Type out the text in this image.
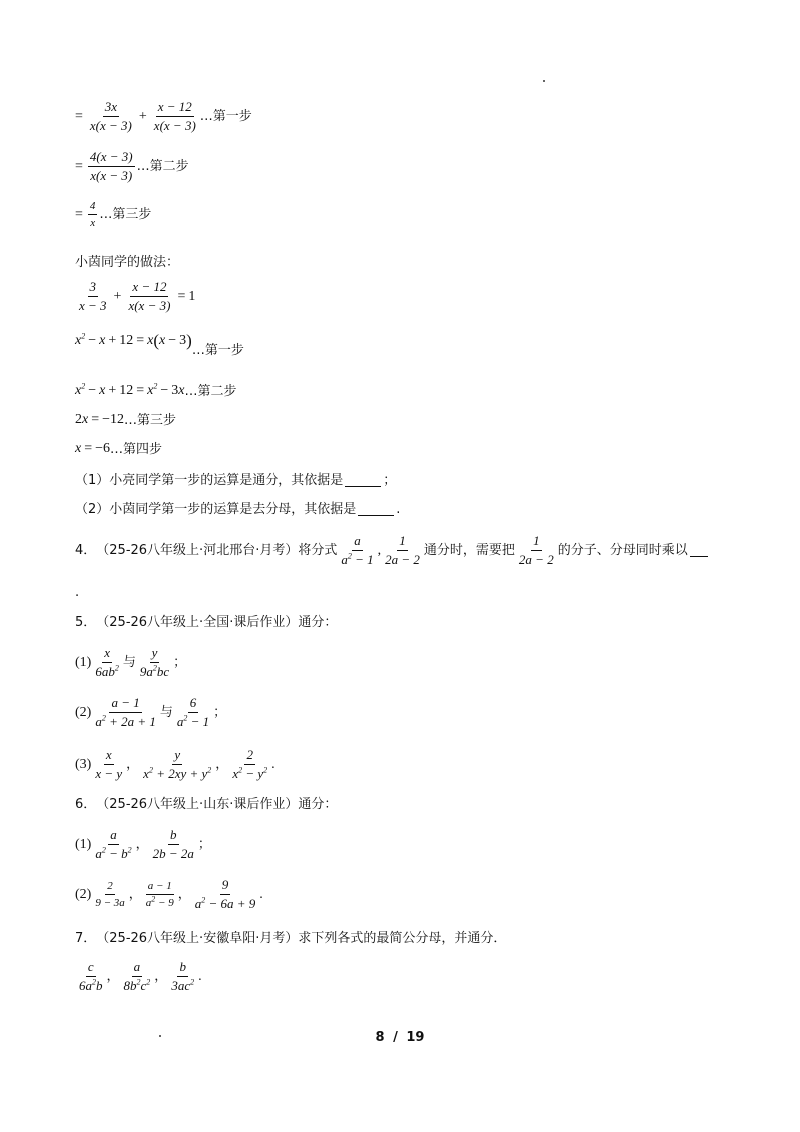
= $\frac{3x}{x(x - 3)} + \frac{x - 12}{x(x - 3)}$ … 第一步
= $\frac{4(x - 3)}{x(x - 3)}$ … 第二步
= $\frac{4}{x}$ … 第三步
小茵同学的做法：
$\frac{3}{x - 3} + \frac{x - 12}{x(x - 3)} = 1$
$x^2 - x + 12 = x$ ( x − 3 )
… 第一步
$x^2 - x + 12 = x^2 - 3$ x … 第二步
2 x = − 12 … 第三步
x = − 6 … 第四步
（1）小亮同学第一步的运算是通分，其依据是	；
（2）小茵同学第一步的运算是去分母，其依据是	.
4． （25-26八年级上·河北邢台·月考） 将分式 $\frac{a}{a^2 - 1}$ , $\frac{1}{2a - 2}$ 通分时，需要把 $\frac{1}{2a - 2}$ 的分子、分母同时乘以
.
5． （25-26八年级上·全国·课后作业） 通分：
$(1) \frac{x}{6ab^2}$ 与 $\frac{y}{9a^2bc}$ ；
$(2) \frac{a - 1}{a^2 + 2a + 1}$ 与 $\frac{6}{a^2 - 1}$ ；
$(3) \frac{x}{x - y}$ ， $\frac{y}{x^2 + 2xy + y^2}$ ， $\frac{2}{x^2 - y^2}$ .
6． （25-26八年级上·山东·课后作业） 通分：
$(1) \frac{a}{a^2 - b^2}$ ， $\frac{b}{2b - 2a}$ ；
$(2) \frac{2}{9 - 3a}$ ， $\frac{a - 1}{a^2 - 9}$ ， $\frac{9}{a^2 - 6a + 9}$ .
7． （25-26八年级上·安徽阜阳·月考） 求下列各式的最简公分母，并通分．
$\frac{c}{6a^2b}$ ， $\frac{a}{8b^2c^2}$ ， $\frac{b}{3ac^2}$ .
8 / 19
